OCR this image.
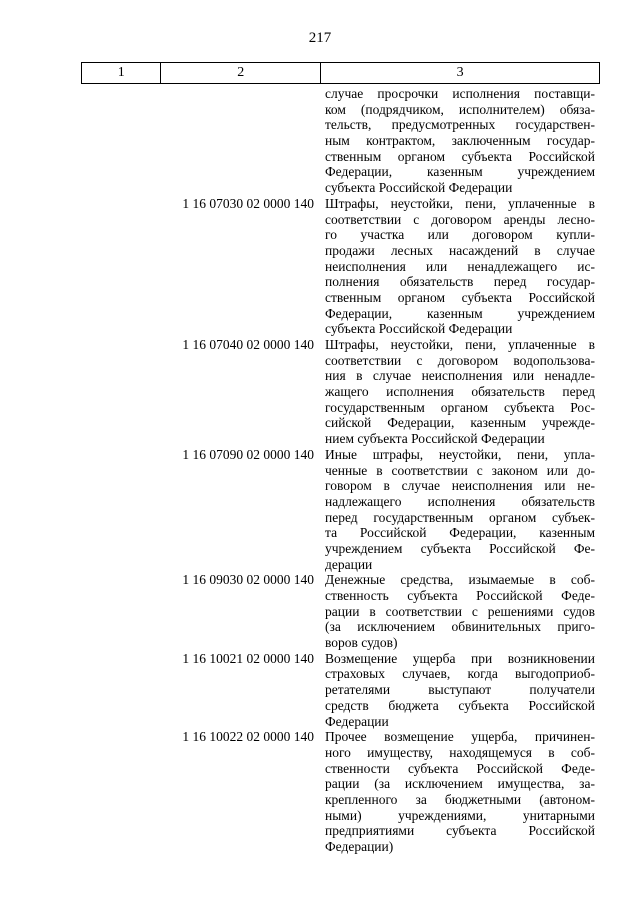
217
1	2	3
случае просрочки исполнения поставщи-
ком (подрядчиком, исполнителем) обяза-
тельств, предусмотренных государствен-
ным контрактом, заключенным государ-
ственным органом субъекта Российской
Федерации, казенным учреждением
субъекта Российской Федерации
1 16 07030 02 0000 140 Штрафы, неустойки, пени, уплаченные в
соответствии с договором аренды лесно-
го участка или договором купли-
продажи лесных насаждений в случае
неисполнения или ненадлежащего ис-
полнения обязательств перед государ-
ственным органом субъекта Российской
Федерации, казенным учреждением
субъекта Российской Федерации
1 16 07040 02 0000 140 Штрафы, неустойки, пени, уплаченные в
соответствии с договором водопользова-
ния в случае неисполнения или ненадле-
жащего исполнения обязательств перед
государственным органом субъекта Рос-
сийской Федерации, казенным учрежде-
нием субъекта Российской Федерации
1 16 07090 02 0000 140 Иные штрафы, неустойки, пени, упла-
ченные в соответствии с законом или до-
говором в случае неисполнения или не-
надлежащего исполнения обязательств
перед государственным органом субъек-
та Российской Федерации, казенным
учреждением субъекта Российской Фе-
дерации
1 16 09030 02 0000 140 Денежные средства, изымаемые в соб-
ственность субъекта Российской Феде-
рации в соответствии с решениями судов
(за исключением обвинительных приго-
воров судов)
1 16 10021 02 0000 140 Возмещение ущерба при возникновении
страховых случаев, когда выгодоприоб-
ретателями выступают получатели
средств бюджета субъекта Российской
Федерации
1 16 10022 02 0000 140 Прочее возмещение ущерба, причинен-
ного имуществу, находящемуся в соб-
ственности субъекта Российской Феде-
рации (за исключением имущества, за-
крепленного за бюджетными (автоном-
ными) учреждениями, унитарными
предприятиями субъекта Российской
Федерации)
